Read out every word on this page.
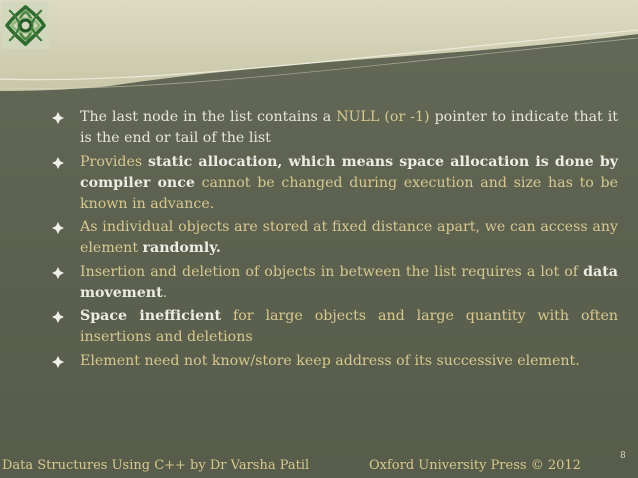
The last node in the list contains a NULL (or -1) pointer to indicate that it is the end or tail of the list
Provides static allocation, which means space allocation is done by compiler once cannot be changed during execution and size has to be known in advance.
As individual objects are stored at fixed distance apart, we can access any element randomly.
Insertion and deletion of objects in between the list requires a lot of data movement.
Space inefficient for large objects and large quantity with often insertions and deletions
Element need not know/store keep address of its successive element.
Data Structures Using C++ by Dr Varsha Patil	Oxford University Press © 2012
8
